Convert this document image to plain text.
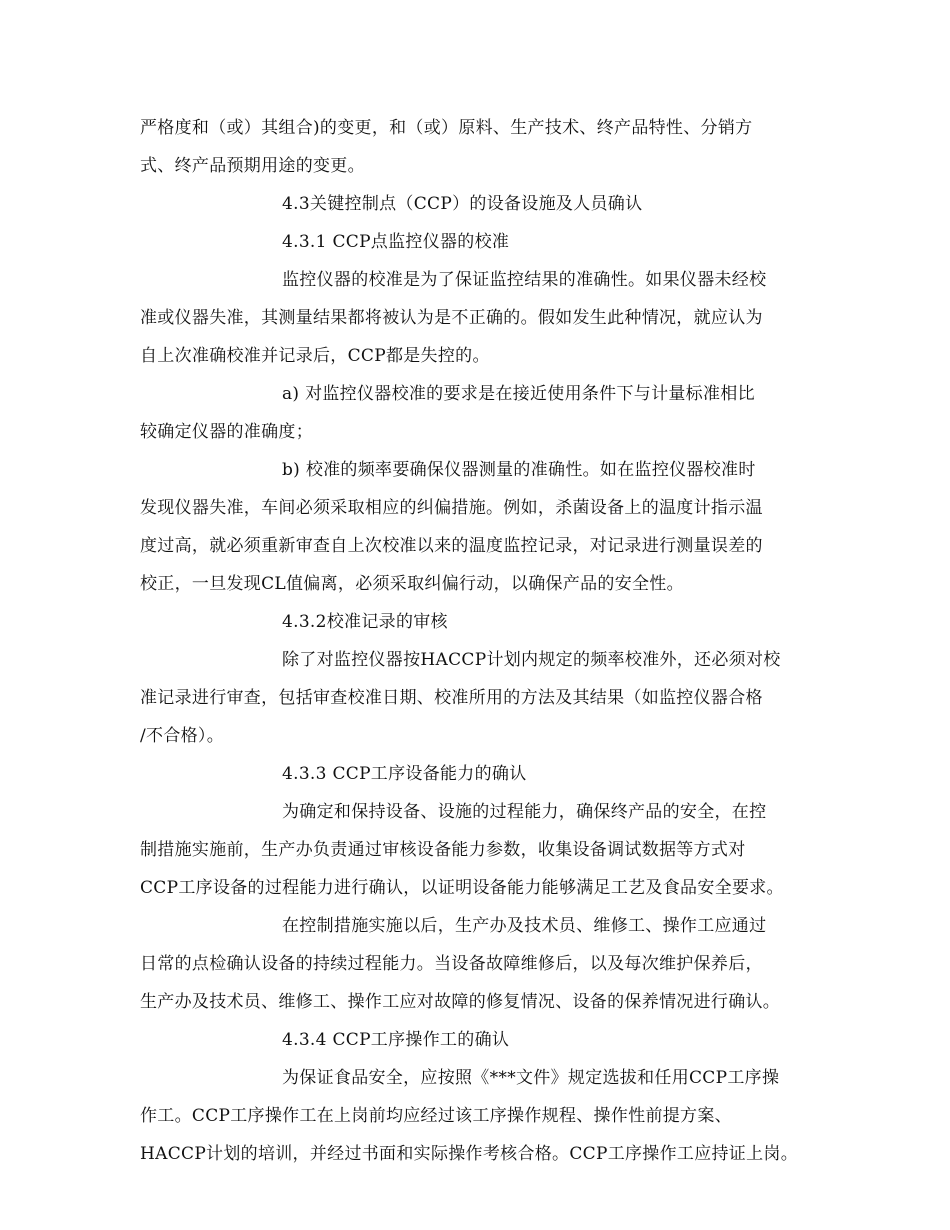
严格度和（或）其组合)的变更，和（或）原料、生产技术、终产品特性、分销方
式、终产品预期用途的变更。
4.3关键控制点（CCP）的设备设施及人员确认
4.3.1 CCP点监控仪器的校准
监控仪器的校准是为了保证监控结果的准确性。如果仪器未经校
准或仪器失准，其测量结果都将被认为是不正确的。假如发生此种情况，就应认为
自上次准确校准并记录后，CCP都是失控的。
a) 对监控仪器校准的要求是在接近使用条件下与计量标准相比
较确定仪器的准确度；
b) 校准的频率要确保仪器测量的准确性。如在监控仪器校准时
发现仪器失准，车间必须采取相应的纠偏措施。例如，杀菌设备上的温度计指示温
度过高，就必须重新审查自上次校准以来的温度监控记录，对记录进行测量误差的
校正，一旦发现CL值偏离，必须采取纠偏行动，以确保产品的安全性。
4.3.2校准记录的审核
除了对监控仪器按HACCP计划内规定的频率校准外，还必须对校
准记录进行审查，包括审查校准日期、校准所用的方法及其结果（如监控仪器合格
/不合格）。
4.3.3 CCP工序设备能力的确认
为确定和保持设备、设施的过程能力，确保终产品的安全，在控
制措施实施前，生产办负责通过审核设备能力参数，收集设备调试数据等方式对
CCP工序设备的过程能力进行确认，以证明设备能力能够满足工艺及食品安全要求。
在控制措施实施以后，生产办及技术员、维修工、操作工应通过
日常的点检确认设备的持续过程能力。当设备故障维修后，以及每次维护保养后，
生产办及技术员、维修工、操作工应对故障的修复情况、设备的保养情况进行确认。
4.3.4 CCP工序操作工的确认
为保证食品安全，应按照《***文件》规定选拔和任用CCP工序操
作工。CCP工序操作工在上岗前均应经过该工序操作规程、操作性前提方案、
HACCP计划的培训，并经过书面和实际操作考核合格。CCP工序操作工应持证上岗。
